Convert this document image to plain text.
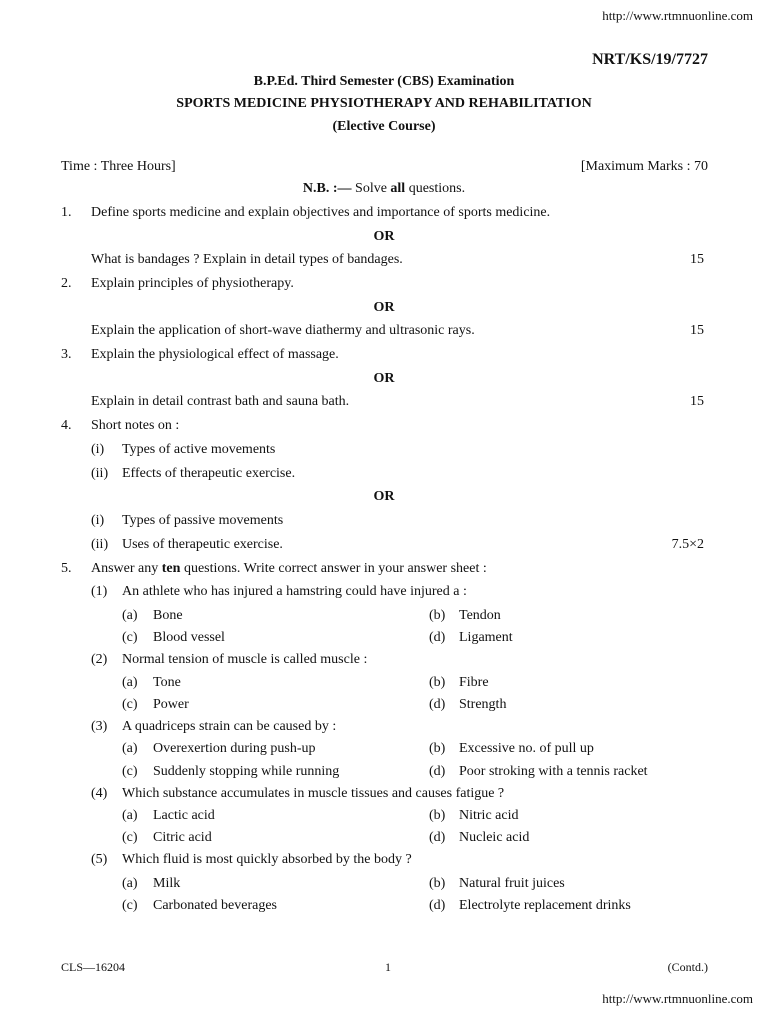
http://www.rtmnuonline.com
NRT/KS/19/7727
B.P.Ed. Third Semester (CBS) Examination
SPORTS MEDICINE PHYSIOTHERAPY AND REHABILITATION
(Elective Course)
Time : Three Hours]	[Maximum Marks : 70
N.B. :— Solve all questions.
1. Define sports medicine and explain objectives and importance of sports medicine.
OR
What is bandages ? Explain in detail types of bandages.	15
2. Explain principles of physiotherapy.
OR
Explain the application of short-wave diathermy and ultrasonic rays.	15
3. Explain the physiological effect of massage.
OR
Explain in detail contrast bath and sauna bath.	15
4. Short notes on :
(i) Types of active movements
(ii) Effects of therapeutic exercise.
OR
(i) Types of passive movements
(ii) Uses of therapeutic exercise.	7.5×2
5. Answer any ten questions. Write correct answer in your answer sheet :
(1) An athlete who has injured a hamstring could have injured a :
(a) Bone	(b) Tendon
(c) Blood vessel	(d) Ligament
(2) Normal tension of muscle is called muscle :
(a) Tone	(b) Fibre
(c) Power	(d) Strength
(3) A quadriceps strain can be caused by :
(a) Overexertion during push-up	(b) Excessive no. of pull up
(c) Suddenly stopping while running	(d) Poor stroking with a tennis racket
(4) Which substance accumulates in muscle tissues and causes fatigue ?
(a) Lactic acid	(b) Nitric acid
(c) Citric acid	(d) Nucleic acid
(5) Which fluid is most quickly absorbed by the body ?
(a) Milk	(b) Natural fruit juices
(c) Carbonated beverages	(d) Electrolyte replacement drinks
CLS—16204	1	(Contd.)
http://www.rtmnuonline.com
